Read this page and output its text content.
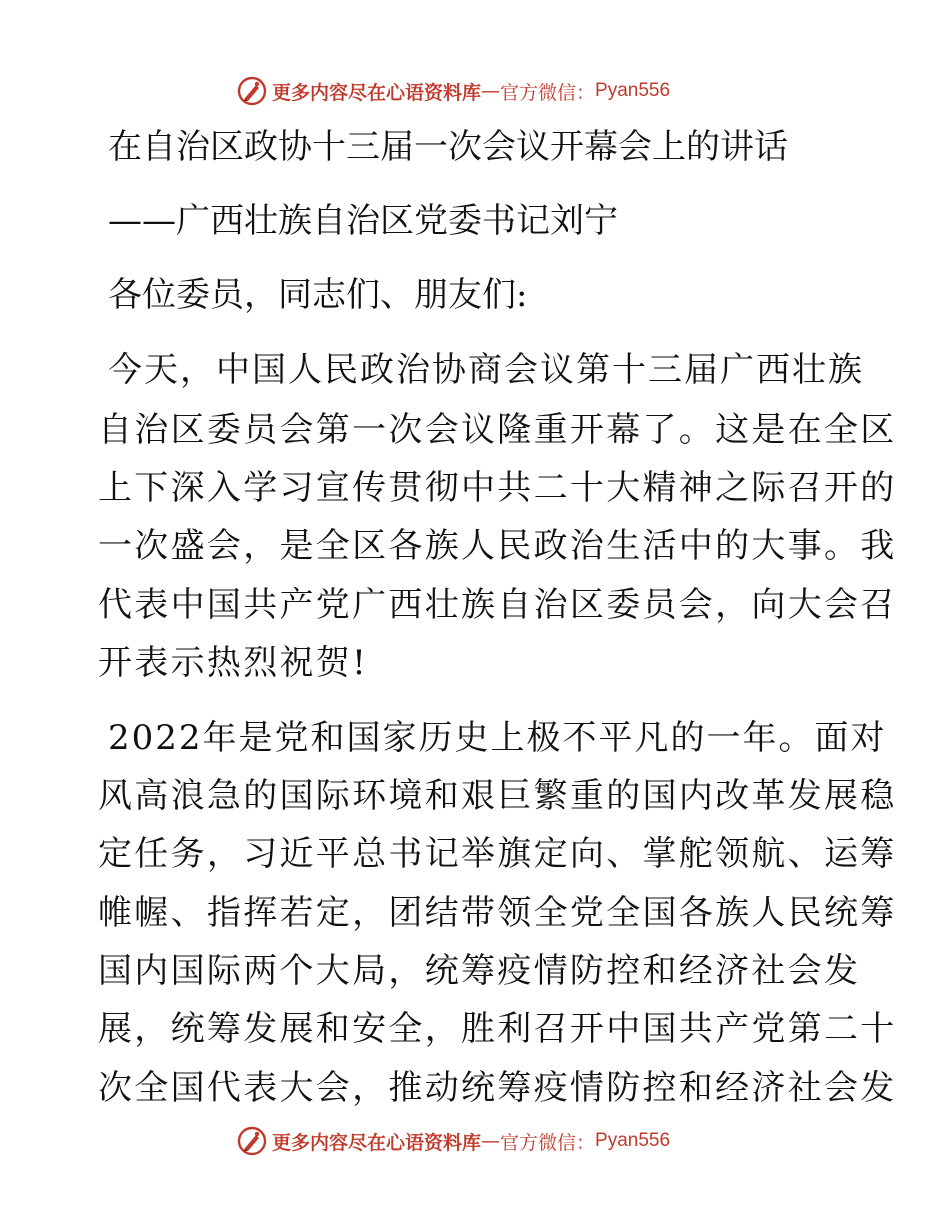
更多内容尽在心语资料库 — 官方微信： Pyan556
在自治区政协十三届一次会议开幕会上的讲话
——广西壮族自治区党委书记刘宁
各位委员，同志们、朋友们:
今天，中国人民政治协商会议第十三届广西壮族
自治区委员会第一次会议隆重开幕了。这是在全区
上下深入学习宣传贯彻中共二十大精神之际召开的
一次盛会，是全区各族人民政治生活中的大事。我
代表中国共产党广西壮族自治区委员会，向大会召
开表示热烈祝贺!
2022年是党和国家历史上极不平凡的一年。面对
风高浪急的国际环境和艰巨繁重的国内改革发展稳
定任务，习近平总书记举旗定向、掌舵领航、运筹
帷幄、指挥若定，团结带领全党全国各族人民统筹
国内国际两个大局，统筹疫情防控和经济社会发
展，统筹发展和安全，胜利召开中国共产党第二十
次全国代表大会，推动统筹疫情防控和经济社会发
更多内容尽在心语资料库 — 官方微信： Pyan556
